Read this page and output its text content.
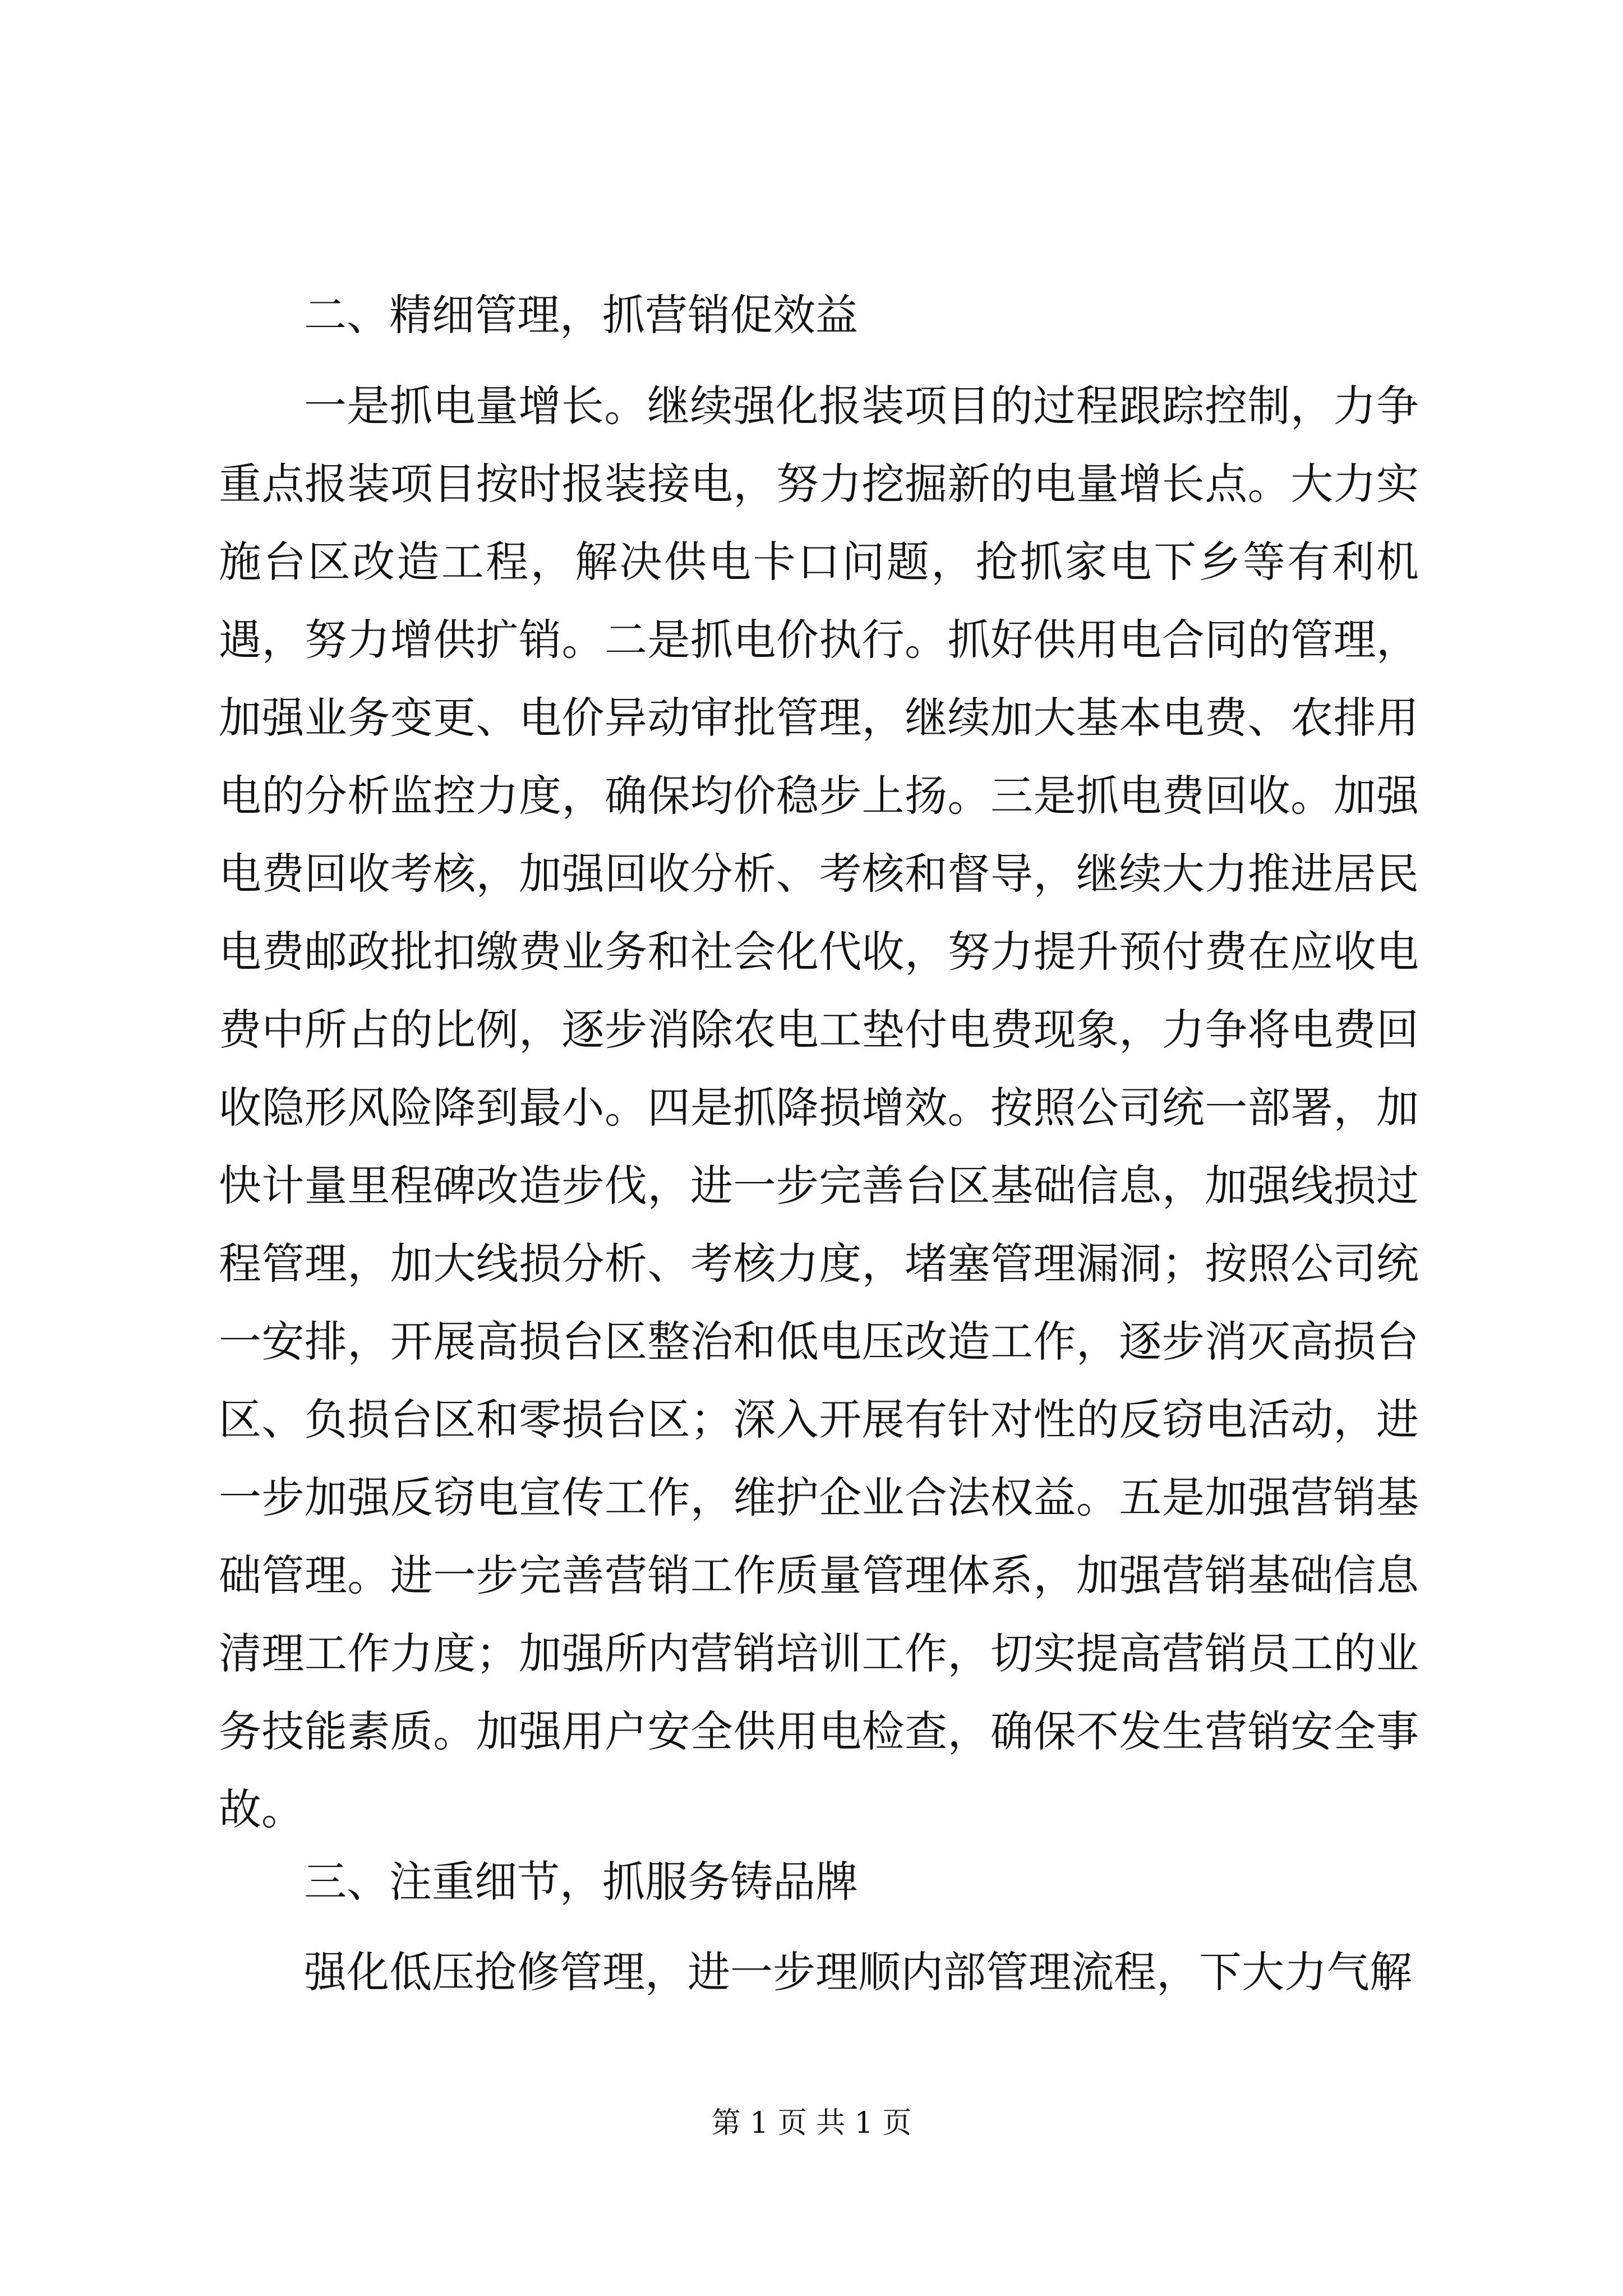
二、精细管理，抓营销促效益

一是抓电量增长。继续强化报装项目的过程跟踪控制，力争重点报装项目按时报装接电，努力挖掘新的电量增长点。大力实施台区改造工程，解决供电卡口问题，抢抓家电下乡等有利机遇，努力增供扩销。二是抓电价执行。抓好供用电合同的管理，加强业务变更、电价异动审批管理，继续加大基本电费、农排用电的分析监控力度，确保均价稳步上扬。三是抓电费回收。加强电费回收考核，加强回收分析、考核和督导，继续大力推进居民电费邮政批扣缴费业务和社会化代收，努力提升预付费在应收电费中所占的比例，逐步消除农电工垫付电费现象，力争将电费回收隐形风险降到最小。四是抓降损增效。按照公司统一部署，加快计量里程碑改造步伐，进一步完善台区基础信息，加强线损过程管理，加大线损分析、考核力度，堵塞管理漏洞；按照公司统一安排，开展高损台区整治和低电压改造工作，逐步消灭高损台区、负损台区和零损台区；深入开展有针对性的反窃电活动，进一步加强反窃电宣传工作，维护企业合法权益。五是加强营销基础管理。进一步完善营销工作质量管理体系，加强营销基础信息清理工作力度；加强所内营销培训工作，切实提高营销员工的业务技能素质。加强用户安全供用电检查，确保不发生营销安全事故。

三、注重细节，抓服务铸品牌

强化低压抢修管理，进一步理顺内部管理流程，下大力气解

第 1 页 共 1 页
